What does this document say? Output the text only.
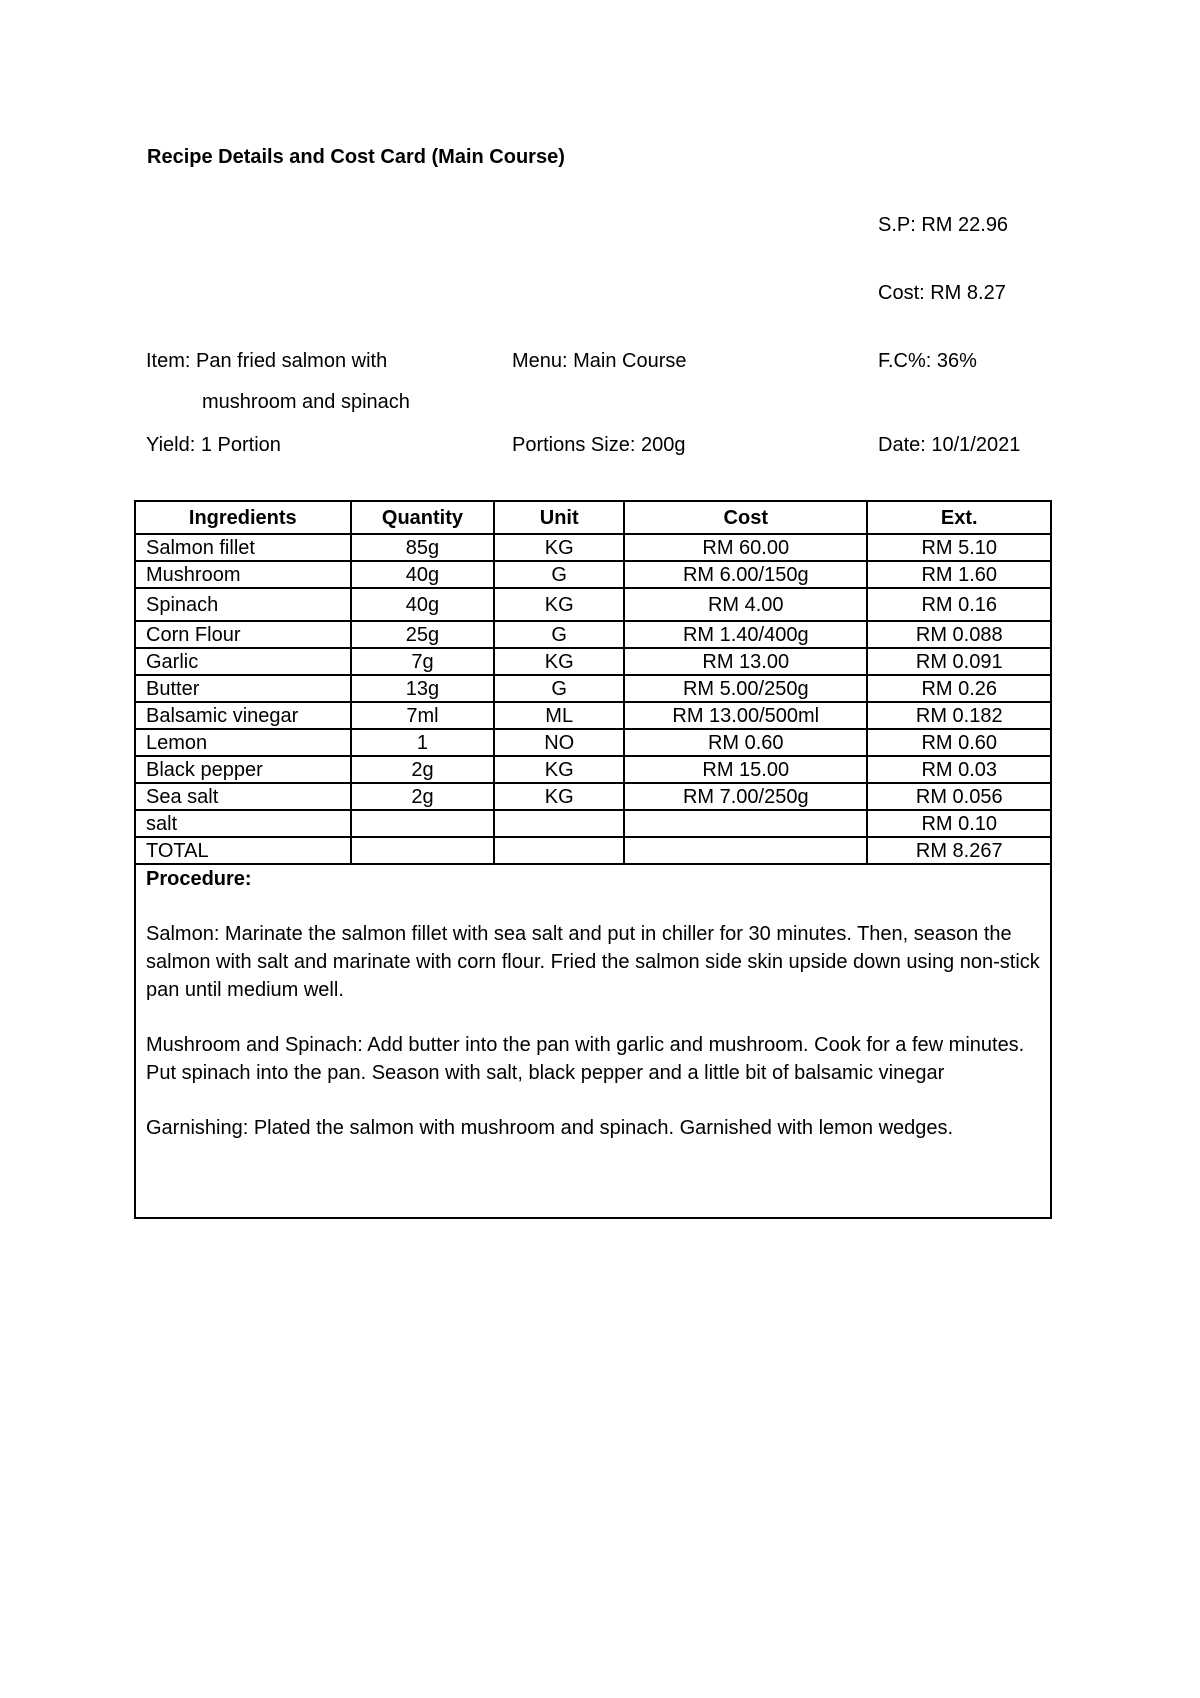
Recipe Details and Cost Card (Main Course)
S.P: RM 22.96
Cost: RM 8.27
Item: Pan fried salmon with
mushroom and spinach
Menu: Main Course	F.C%: 36%
Yield: 1 Portion	Portions Size: 200g	Date: 10/1/2021
Ingredients	Quantity	Unit	Cost	Ext.
Salmon fillet	85g	KG	RM 60.00	RM 5.10
Mushroom	40g	G	RM 6.00/150g	RM 1.60
Spinach	40g	KG	RM 4.00	RM 0.16
Corn Flour	25g	G	RM 1.40/400g	RM 0.088
Garlic	7g	KG	RM 13.00	RM 0.091
Butter	13g	G	RM 5.00/250g	RM 0.26
Balsamic vinegar	7ml	ML	RM 13.00/500ml	RM 0.182
Lemon	1	NO	RM 0.60	RM 0.60
Black pepper	2g	KG	RM 15.00	RM 0.03
Sea salt	2g	KG	RM 7.00/250g	RM 0.056
salt				RM 0.10
TOTAL				RM 8.267
Procedure:
Salmon: Marinate the salmon fillet with sea salt and put in chiller for 30 minutes. Then, season the salmon with salt and marinate with corn flour. Fried the salmon side skin upside down using non-stick pan until medium well.
Mushroom and Spinach: Add butter into the pan with garlic and mushroom. Cook for a few minutes. Put spinach into the pan. Season with salt, black pepper and a little bit of balsamic vinegar
Garnishing: Plated the salmon with mushroom and spinach. Garnished with lemon wedges.
